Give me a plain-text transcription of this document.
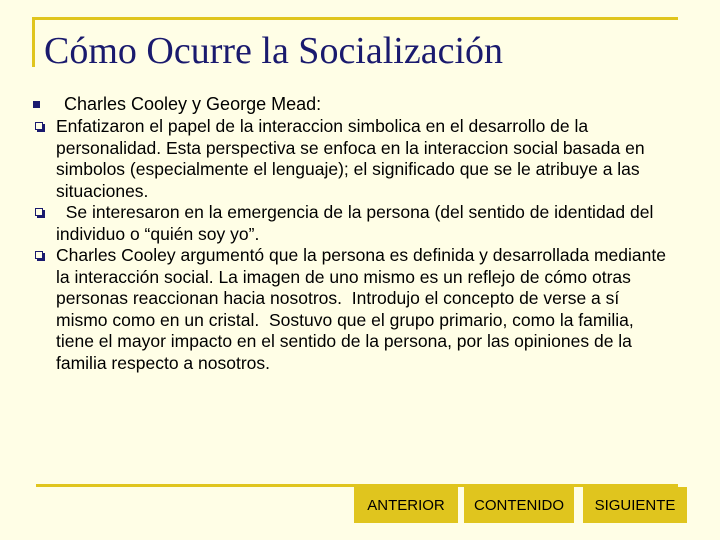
Cómo Ocurre la Socialización

Charles Cooley y George Mead:

Enfatizaron el papel de la interaccion simbolica en el desarrollo de la personalidad. Esta perspectiva se enfoca en la interaccion social basada en simbolos (especialmente el lenguaje); el significado que se le atribuye a las situaciones.
Se interesaron en la emergencia de la persona (del sentido de identidad del individuo o “quién soy yo”.
Charles Cooley argumentó que la persona es definida y desarrollada mediante la interacción social. La imagen de uno mismo es un reflejo de cómo otras personas reaccionan hacia nosotros.  Introdujo el concepto de verse a sí mismo como en un cristal.  Sostuvo que el grupo primario, como la familia, tiene el mayor impacto en el sentido de la persona, por las opiniones de la familia respecto a nosotros.
ANTERIOR	CONTENIDO	SIGUIENTE
